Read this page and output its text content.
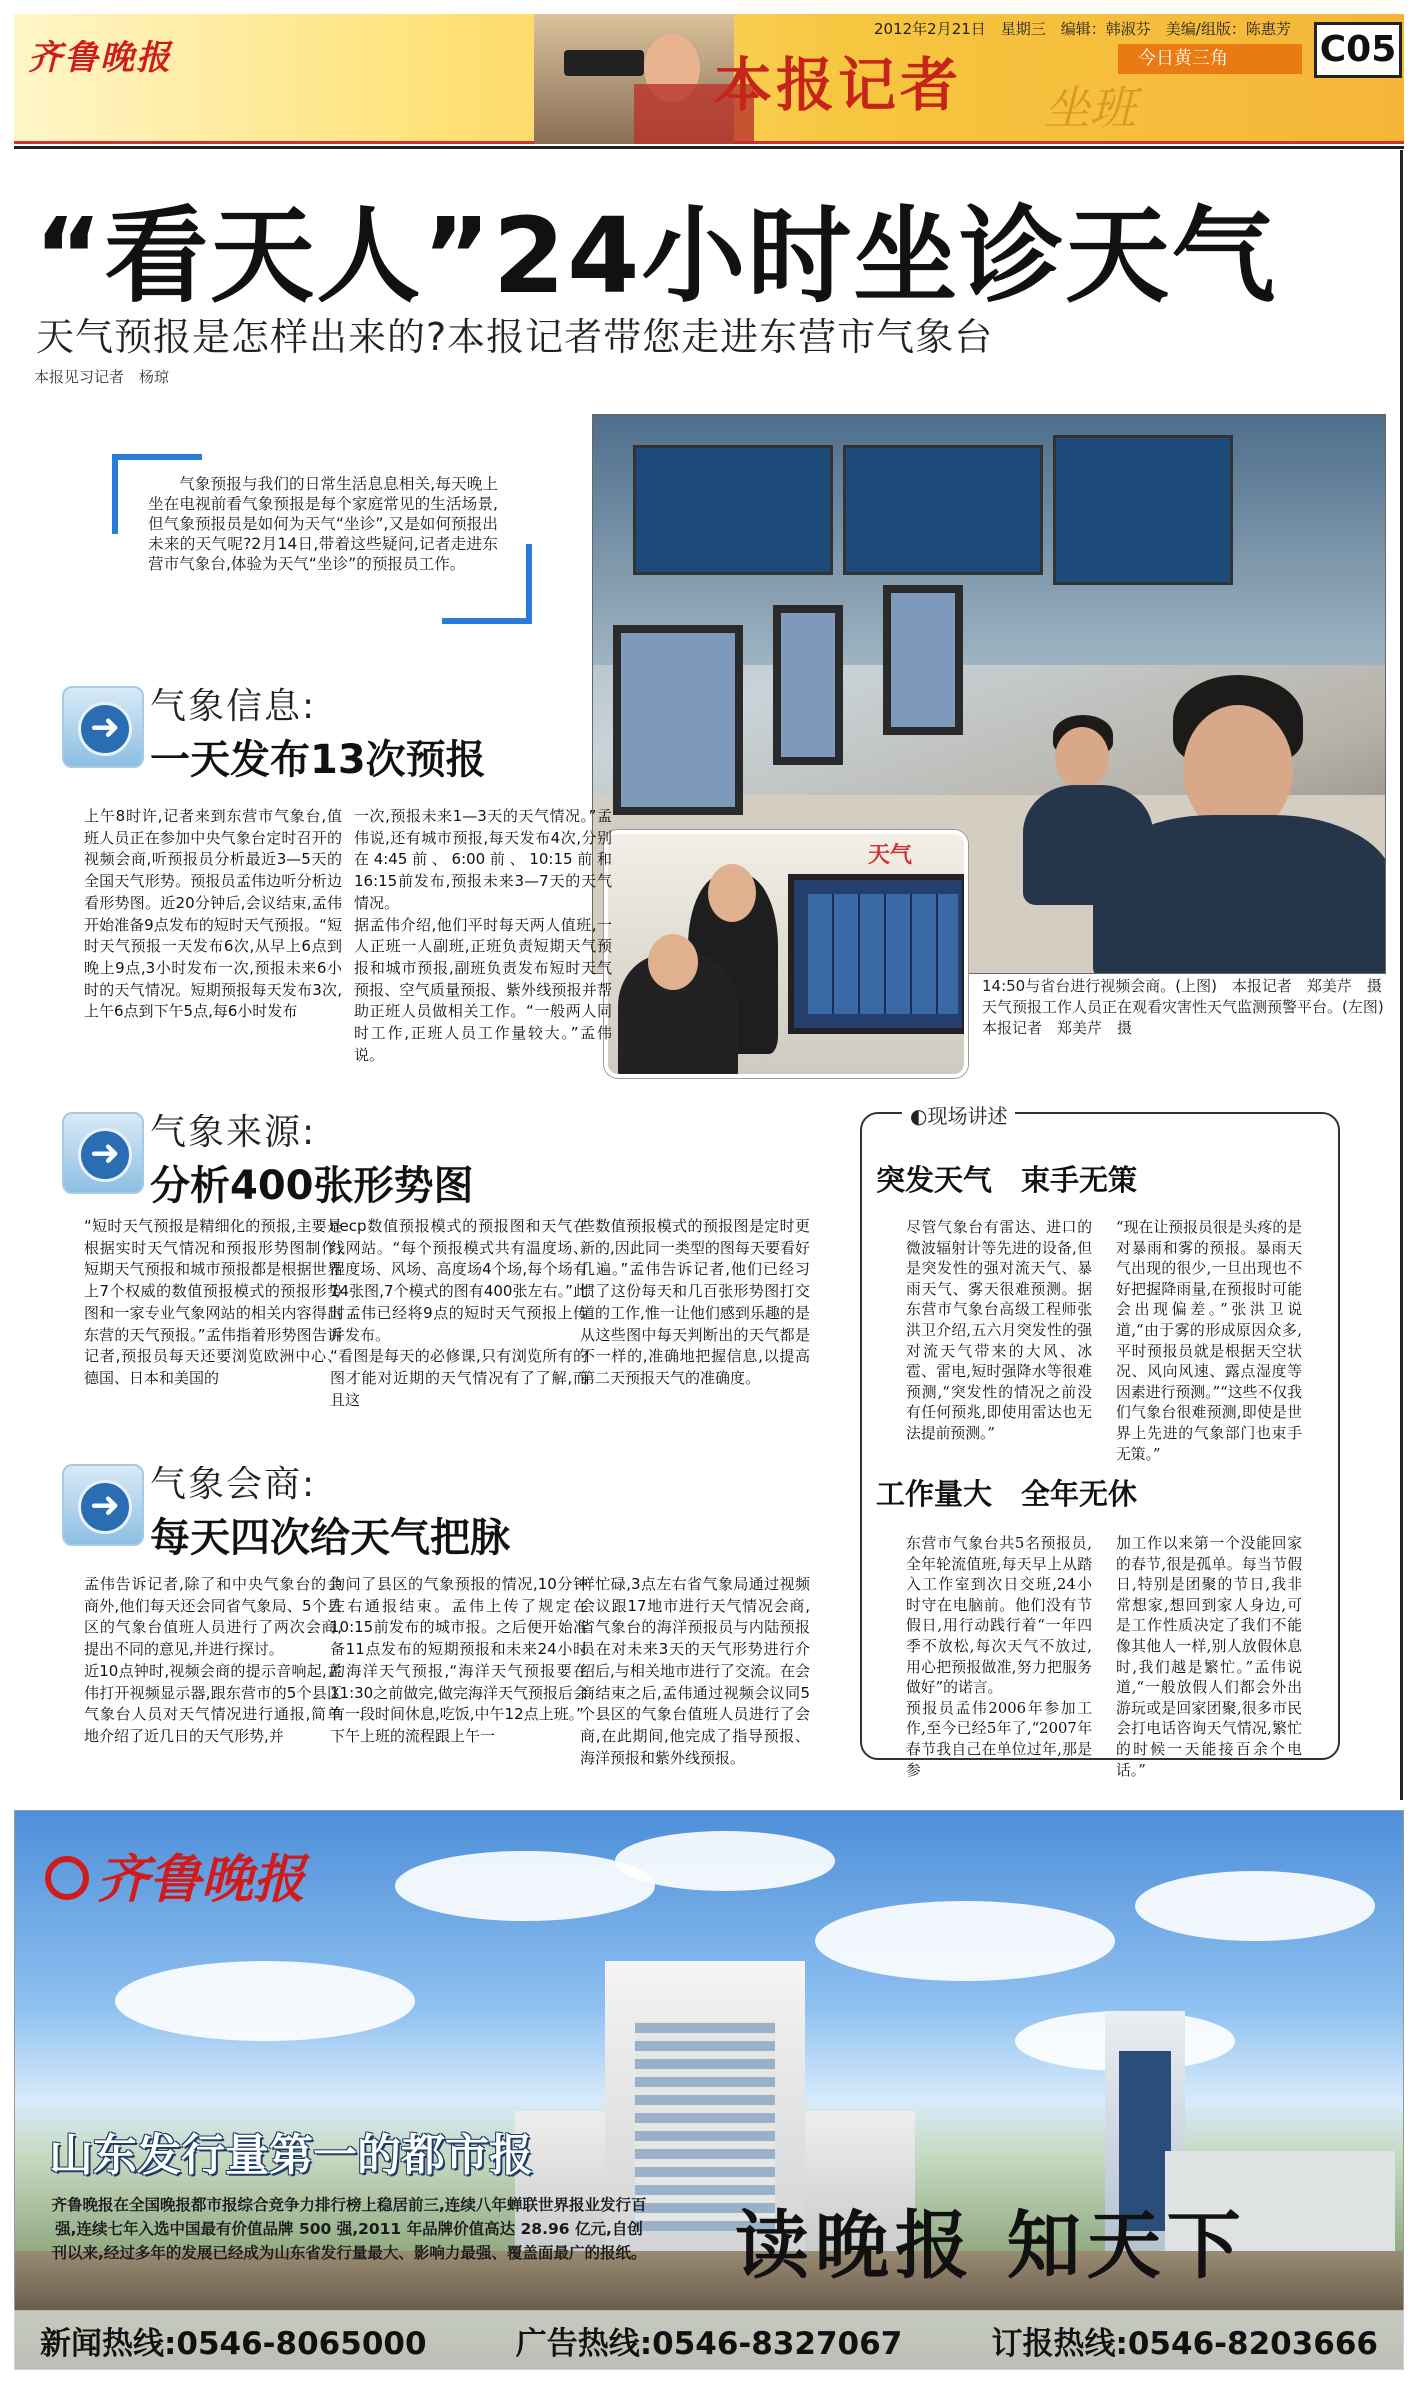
齐鲁晚报	本报记者 坐班
2012年2月21日　星期三　编辑：韩淑芬　美编/组版：陈惠芳
今日黄三角	C05
“看天人”24小时坐诊天气
天气预报是怎样出来的?本报记者带您走进东营市气象台
本报见习记者　杨琼
气象预报与我们的日常生活息息相关,每天晚上坐在电视前看气象预报是每个家庭常见的生活场景,但气象预报员是如何为天气“坐诊”,又是如何预报出未来的天气呢?2月14日,带着这些疑问,记者走进东营市气象台,体验为天气“坐诊”的预报员工作。
天气
14:50与省台进行视频会商。(上图)　本报记者　郑美芹　摄
天气预报工作人员正在观看灾害性天气监测预警平台。(左图)　本报记者　郑美芹　摄
➜
气象信息:
一天发布13次预报
上午8时许,记者来到东营市气象台,值班人员正在参加中央气象台定时召开的视频会商,听预报员分析最近3—5天的全国天气形势。预报员孟伟边听分析边看形势图。近20分钟后,会议结束,孟伟开始准备9点发布的短时天气预报。“短时天气预报一天发布6次,从早上6点到晚上9点,3小时发布一次,预报未来6小时的天气情况。短期预报每天发布3次,上午6点到下午5点,每6小时发布
一次,预报未来1—3天的天气情况。”孟伟说,还有城市预报,每天发布4次,分别在4:45前、6:00前、10:15前和16:15前发布,预报未来3—7天的天气情况。
据孟伟介绍,他们平时每天两人值班,一人正班一人副班,正班负责短期天气预报和城市预报,副班负责发布短时天气预报、空气质量预报、紫外线预报并帮助正班人员做相关工作。“一般两人同时工作,正班人员工作量较大。”孟伟说。
➜
气象来源:
分析400张形势图
“短时天气预报是精细化的预报,主要是根据实时天气情况和预报形势图制作;短期天气预报和城市预报都是根据世界上7个权威的数值预报模式的预报形势图和一家专业气象网站的相关内容得出东营的天气预报。”孟伟指着形势图告诉记者,预报员每天还要浏览欧洲中心、德国、日本和美国的
necp数值预报模式的预报图和天气在线网站。“每个预报模式共有温度场、湿度场、风场、高度场4个场,每个场有14张图,7个模式的图有400张左右。”此时孟伟已经将9点的短时天气预报上传并发布。
“看图是每天的必修课,只有浏览所有的图才能对近期的天气情况有了了解,而且这
些数值预报模式的预报图是定时更新的,因此同一类型的图每天要看好几遍。”孟伟告诉记者,他们已经习惯了这份每天和几百张形势图打交道的工作,惟一让他们感到乐趣的是从这些图中每天判断出的天气都是不一样的,准确地把握信息,以提高第二天预报天气的准确度。
➜
气象会商:
每天四次给天气把脉
孟伟告诉记者,除了和中央气象台的会商外,他们每天还会同省气象局、5个县区的气象台值班人员进行了两次会商,提出不同的意见,并进行探讨。
近10点钟时,视频会商的提示音响起,孟伟打开视频显示器,跟东营市的5个县区气象台人员对天气情况进行通报,简单地介绍了近几日的天气形势,并
询问了县区的气象预报的情况,10分钟左右通报结束。孟伟上传了规定在10:15前发布的城市报。之后便开始准备11点发布的短期预报和未来24小时的海洋天气预报,“海洋天气预报要在11:30之前做完,做完海洋天气预报后会有一段时间休息,吃饭,中午12点上班。”
下午上班的流程跟上午一
样忙碌,3点左右省气象局通过视频会议跟17地市进行天气情况会商,省气象台的海洋预报员与内陆预报员在对未来3天的天气形势进行介绍后,与相关地市进行了交流。在会商结束之后,孟伟通过视频会议同5个县区的气象台值班人员进行了会商,在此期间,他完成了指导预报、海洋预报和紫外线预报。
◐现场讲述
突发天气　束手无策
尽管气象台有雷达、进口的微波辐射计等先进的设备,但是突发性的强对流天气、暴雨天气、雾天很难预测。据东营市气象台高级工程师张洪卫介绍,五六月突发性的强对流天气带来的大风、冰雹、雷电,短时强降水等很难预测,“突发性的情况之前没有任何预兆,即使用雷达也无法提前预测。”
“现在让预报员很是头疼的是对暴雨和雾的预报。暴雨天气出现的很少,一旦出现也不好把握降雨量,在预报时可能会出现偏差。”张洪卫说道,“由于雾的形成原因众多,平时预报员就是根据天空状况、风向风速、露点湿度等因素进行预测。”“这些不仅我们气象台很难预测,即使是世界上先进的气象部门也束手无策。”
工作量大　全年无休
东营市气象台共5名预报员,全年轮流值班,每天早上从踏入工作室到次日交班,24小时守在电脑前。他们没有节假日,用行动践行着“一年四季不放松,每次天气不放过,用心把预报做准,努力把服务做好”的诺言。
预报员孟伟2006年参加工作,至今已经5年了,“2007年春节我自己在单位过年,那是参
加工作以来第一个没能回家的春节,很是孤单。每当节假日,特别是团聚的节日,我非常想家,想回到家人身边,可是工作性质决定了我们不能像其他人一样,别人放假休息时,我们越是繁忙。”孟伟说道,“一般放假人们都会外出游玩或是回家团聚,很多市民会打电话咨询天气情况,繁忙的时候一天能接百余个电话。”
齐鲁晚报
山东发行量第一的都市报
齐鲁晚报在全国晚报都市报综合竞争力排行榜上稳居前三,连续八年蝉联世界报业发行百强,连续七年入选中国最有价值品牌 500 强,2011 年品牌价值高达 28.96 亿元,自创刊以来,经过多年的发展已经成为山东省发行量最大、影响力最强、覆盖面最广的报纸。 读晚报 知天下
新闻热线:0546-8065000	广告热线:0546-8327067	订报热线:0546-8203666
